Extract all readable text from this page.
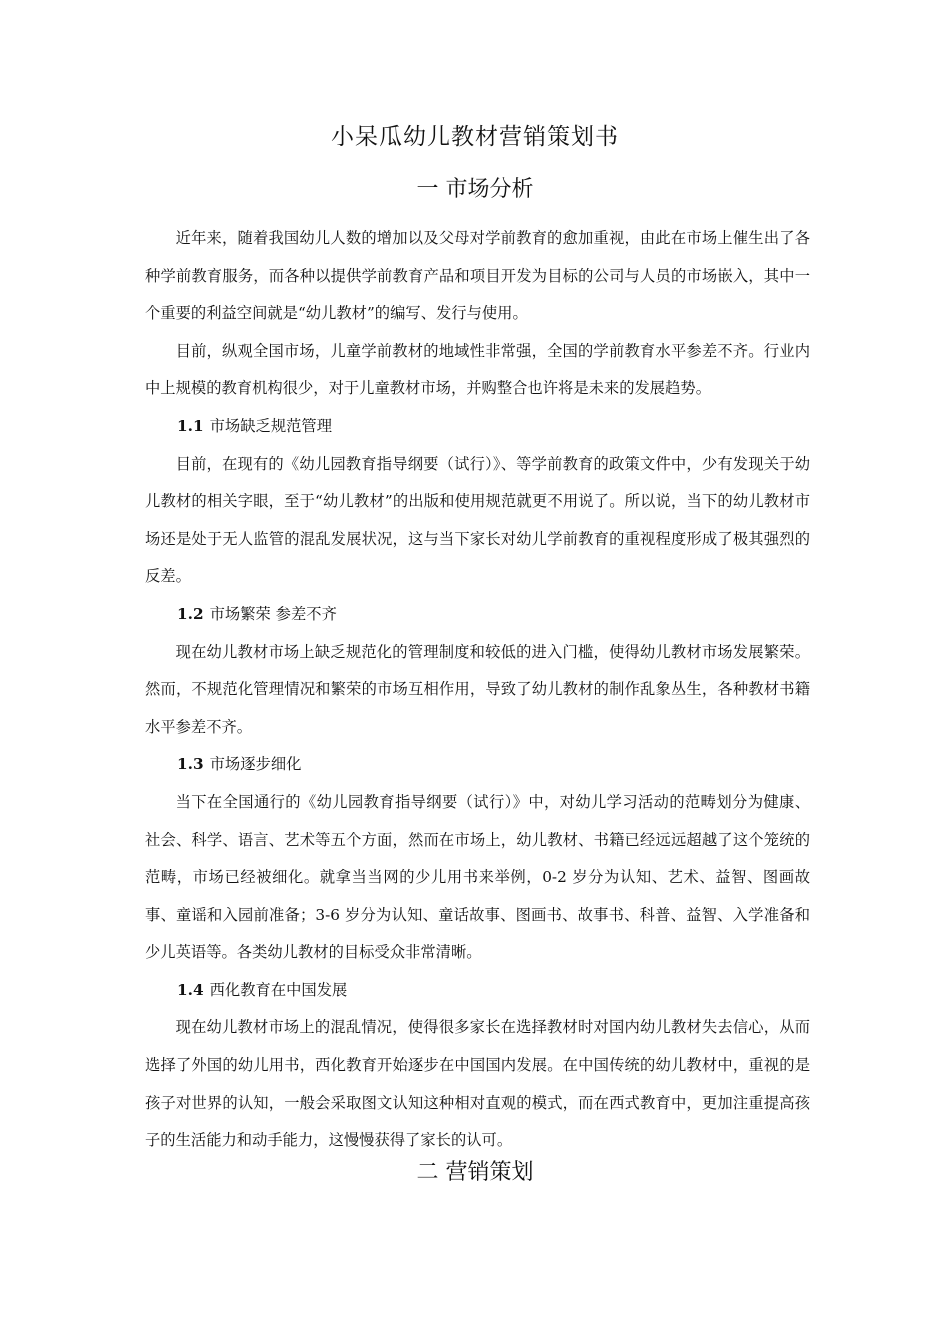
小呆瓜幼儿教材营销策划书
一 市场分析

近年来，随着我国幼儿人数的增加以及父母对学前教育的愈加重视，由此在市场上催生出了各种学前教育服务，而各种以提供学前教育产品和项目开发为目标的公司与人员的市场嵌入，其中一个重要的利益空间就是“幼儿教材”的编写、发行与使用。

目前，纵观全国市场，儿童学前教材的地域性非常强，全国的学前教育水平参差不齐。行业内中上规模的教育机构很少，对于儿童教材市场，并购整合也许将是未来的发展趋势。

1.1 市场缺乏规范管理

目前，在现有的《幼儿园教育指导纲要（试行）》、等学前教育的政策文件中，少有发现关于幼儿教材的相关字眼，至于“幼儿教材”的出版和使用规范就更不用说了。所以说，当下的幼儿教材市场还是处于无人监管的混乱发展状况，这与当下家长对幼儿学前教育的重视程度形成了极其强烈的反差。

1.2 市场繁荣 参差不齐

现在幼儿教材市场上缺乏规范化的管理制度和较低的进入门槛，使得幼儿教材市场发展繁荣。然而，不规范化管理情况和繁荣的市场互相作用，导致了幼儿教材的制作乱象丛生，各种教材书籍水平参差不齐。

1.3 市场逐步细化

当下在全国通行的《幼儿园教育指导纲要（试行）》中，对幼儿学习活动的范畴划分为健康、社会、科学、语言、艺术等五个方面，然而在市场上，幼儿教材、书籍已经远远超越了这个笼统的范畴，市场已经被细化。就拿当当网的少儿用书来举例，0-2 岁分为认知、艺术、益智、图画故事、童谣和入园前准备；3-6 岁分为认知、童话故事、图画书、故事书、科普、益智、入学准备和少儿英语等。各类幼儿教材的目标受众非常清晰。

1.4 西化教育在中国发展

现在幼儿教材市场上的混乱情况，使得很多家长在选择教材时对国内幼儿教材失去信心，从而选择了外国的幼儿用书，西化教育开始逐步在中国国内发展。在中国传统的幼儿教材中，重视的是孩子对世界的认知，一般会采取图文认知这种相对直观的模式，而在西式教育中，更加注重提高孩子的生活能力和动手能力，这慢慢获得了家长的认可。

二 营销策划
